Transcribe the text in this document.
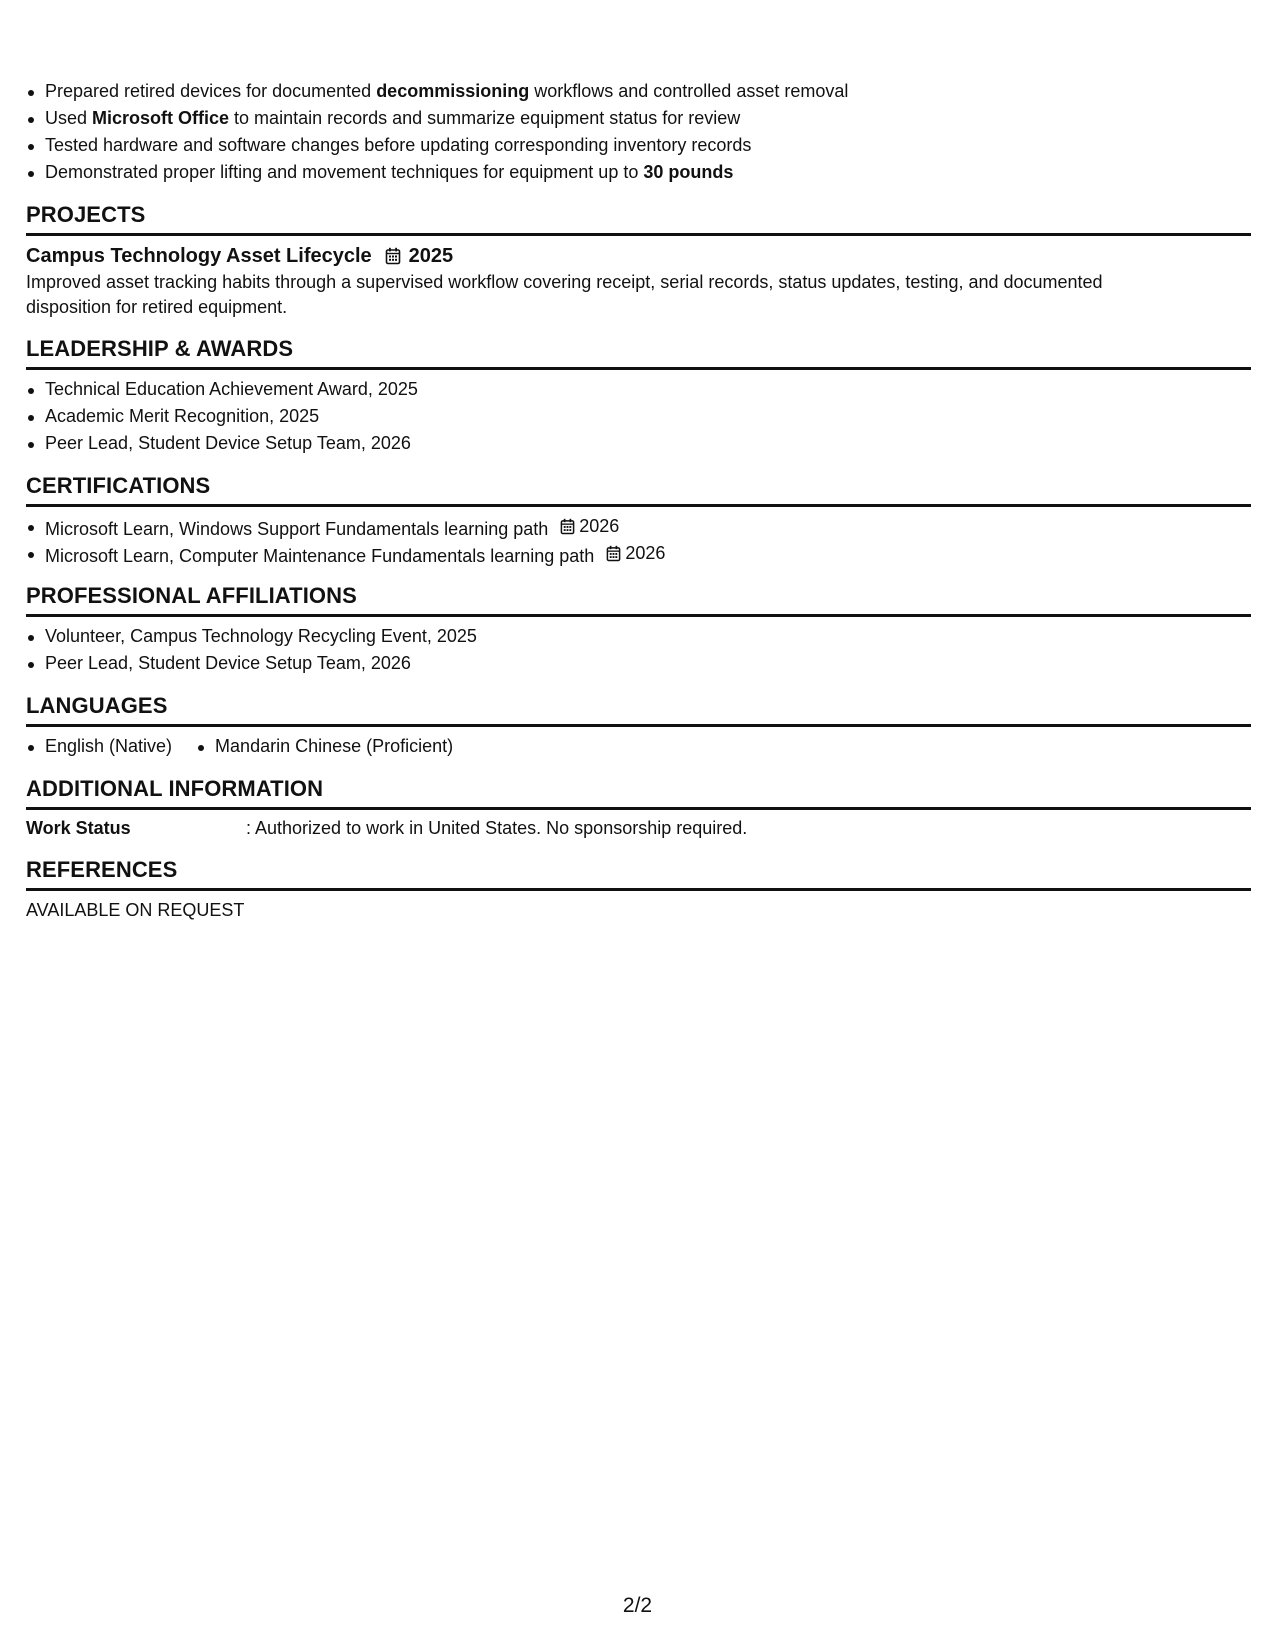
Prepared retired devices for documented decommissioning workflows and controlled asset removal
Used Microsoft Office to maintain records and summarize equipment status for review
Tested hardware and software changes before updating corresponding inventory records
Demonstrated proper lifting and movement techniques for equipment up to 30 pounds
PROJECTS
Campus Technology Asset Lifecycle 2025
Improved asset tracking habits through a supervised workflow covering receipt, serial records, status updates, testing, and documented disposition for retired equipment.
LEADERSHIP & AWARDS
Technical Education Achievement Award, 2025
Academic Merit Recognition, 2025
Peer Lead, Student Device Setup Team, 2026
CERTIFICATIONS
Microsoft Learn, Windows Support Fundamentals learning path 2026
Microsoft Learn, Computer Maintenance Fundamentals learning path 2026
PROFESSIONAL AFFILIATIONS
Volunteer, Campus Technology Recycling Event, 2025
Peer Lead, Student Device Setup Team, 2026
LANGUAGES
English (Native)	Mandarin Chinese (Proficient)
ADDITIONAL INFORMATION
Work Status	: Authorized to work in United States. No sponsorship required.
REFERENCES
AVAILABLE ON REQUEST
2/2
